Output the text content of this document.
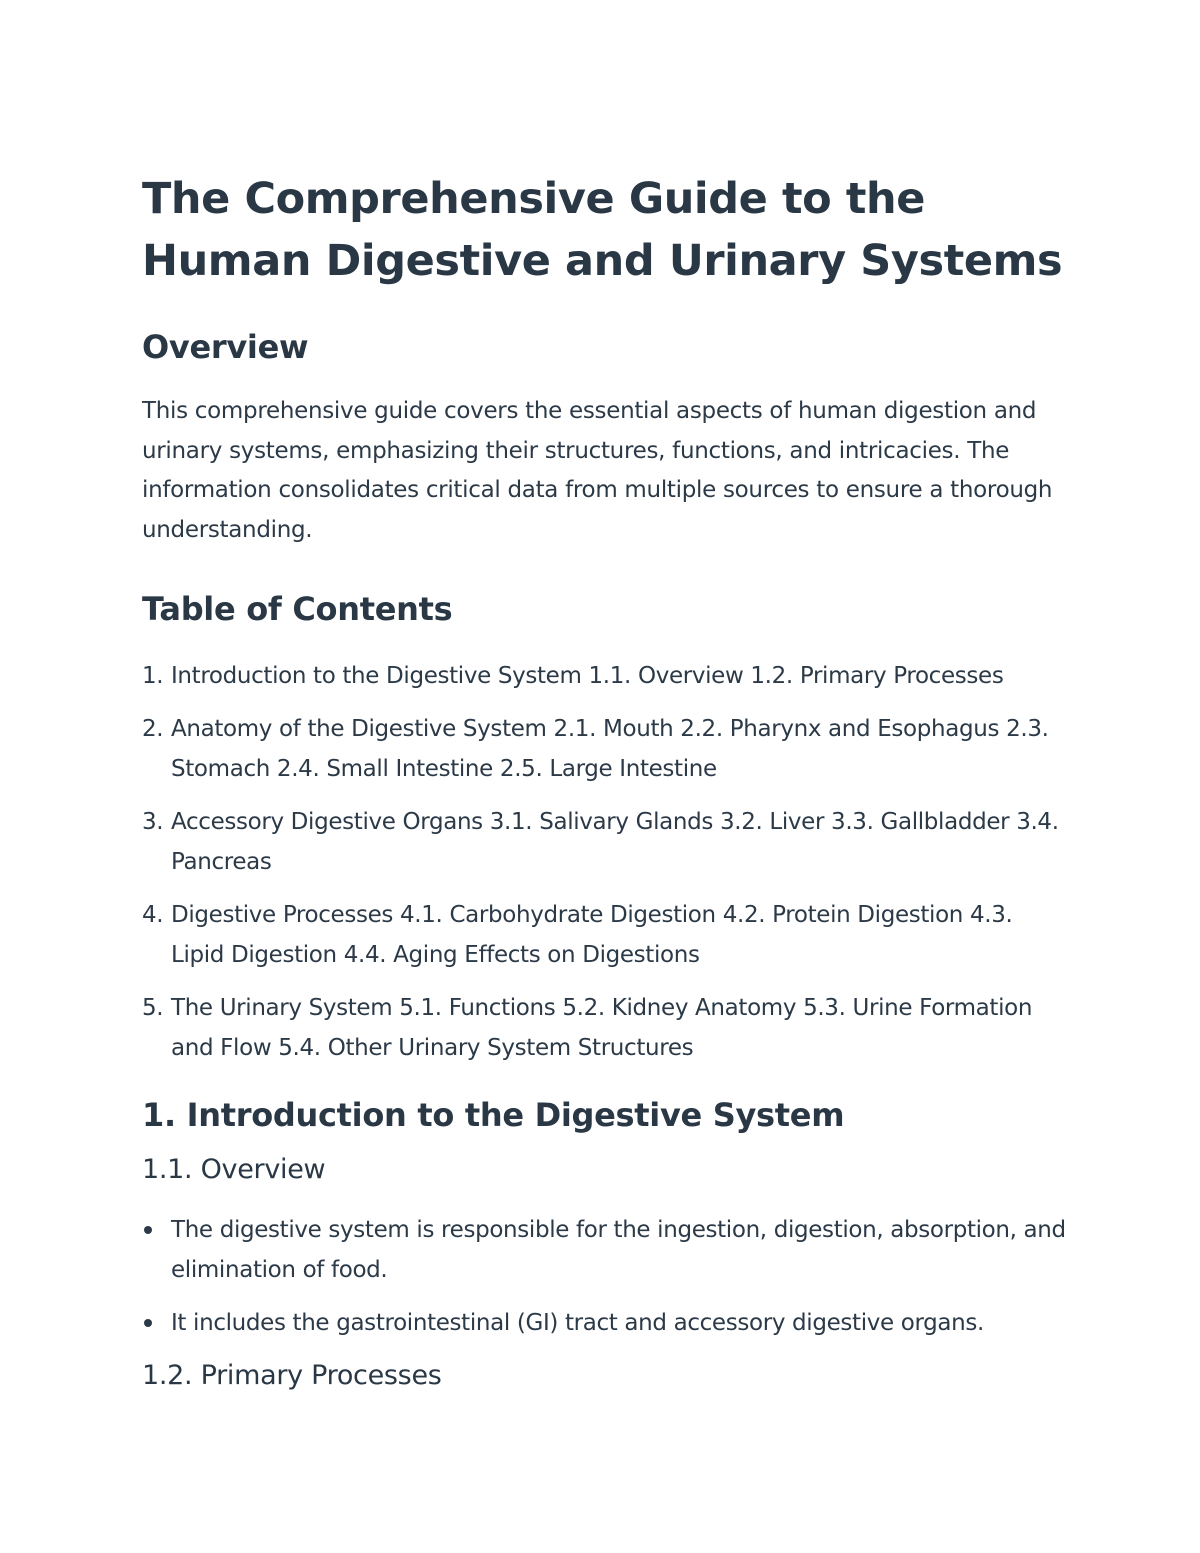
The Comprehensive Guide to the
Human Digestive and Urinary Systems
Overview

This comprehensive guide covers the essential aspects of human digestion and urinary systems, emphasizing their structures, functions, and intricacies. The information consolidates critical data from multiple sources to ensure a thorough understanding.

Table of Contents
1. Introduction to the Digestive System 1.1. Overview 1.2. Primary Processes
2. Anatomy of the Digestive System 2.1. Mouth 2.2. Pharynx and Esophagus 2.3. Stomach 2.4. Small Intestine 2.5. Large Intestine
3. Accessory Digestive Organs 3.1. Salivary Glands 3.2. Liver 3.3. Gallbladder 3.4. Pancreas
4. Digestive Processes 4.1. Carbohydrate Digestion 4.2. Protein Digestion 4.3. Lipid Digestion 4.4. Aging Effects on Digestions
5. The Urinary System 5.1. Functions 5.2. Kidney Anatomy 5.3. Urine Formation and Flow 5.4. Other Urinary System Structures
1. Introduction to the Digestive System
1.1. Overview
The digestive system is responsible for the ingestion, digestion, absorption, and elimination of food.
It includes the gastrointestinal (GI) tract and accessory digestive organs.
1.2. Primary Processes
